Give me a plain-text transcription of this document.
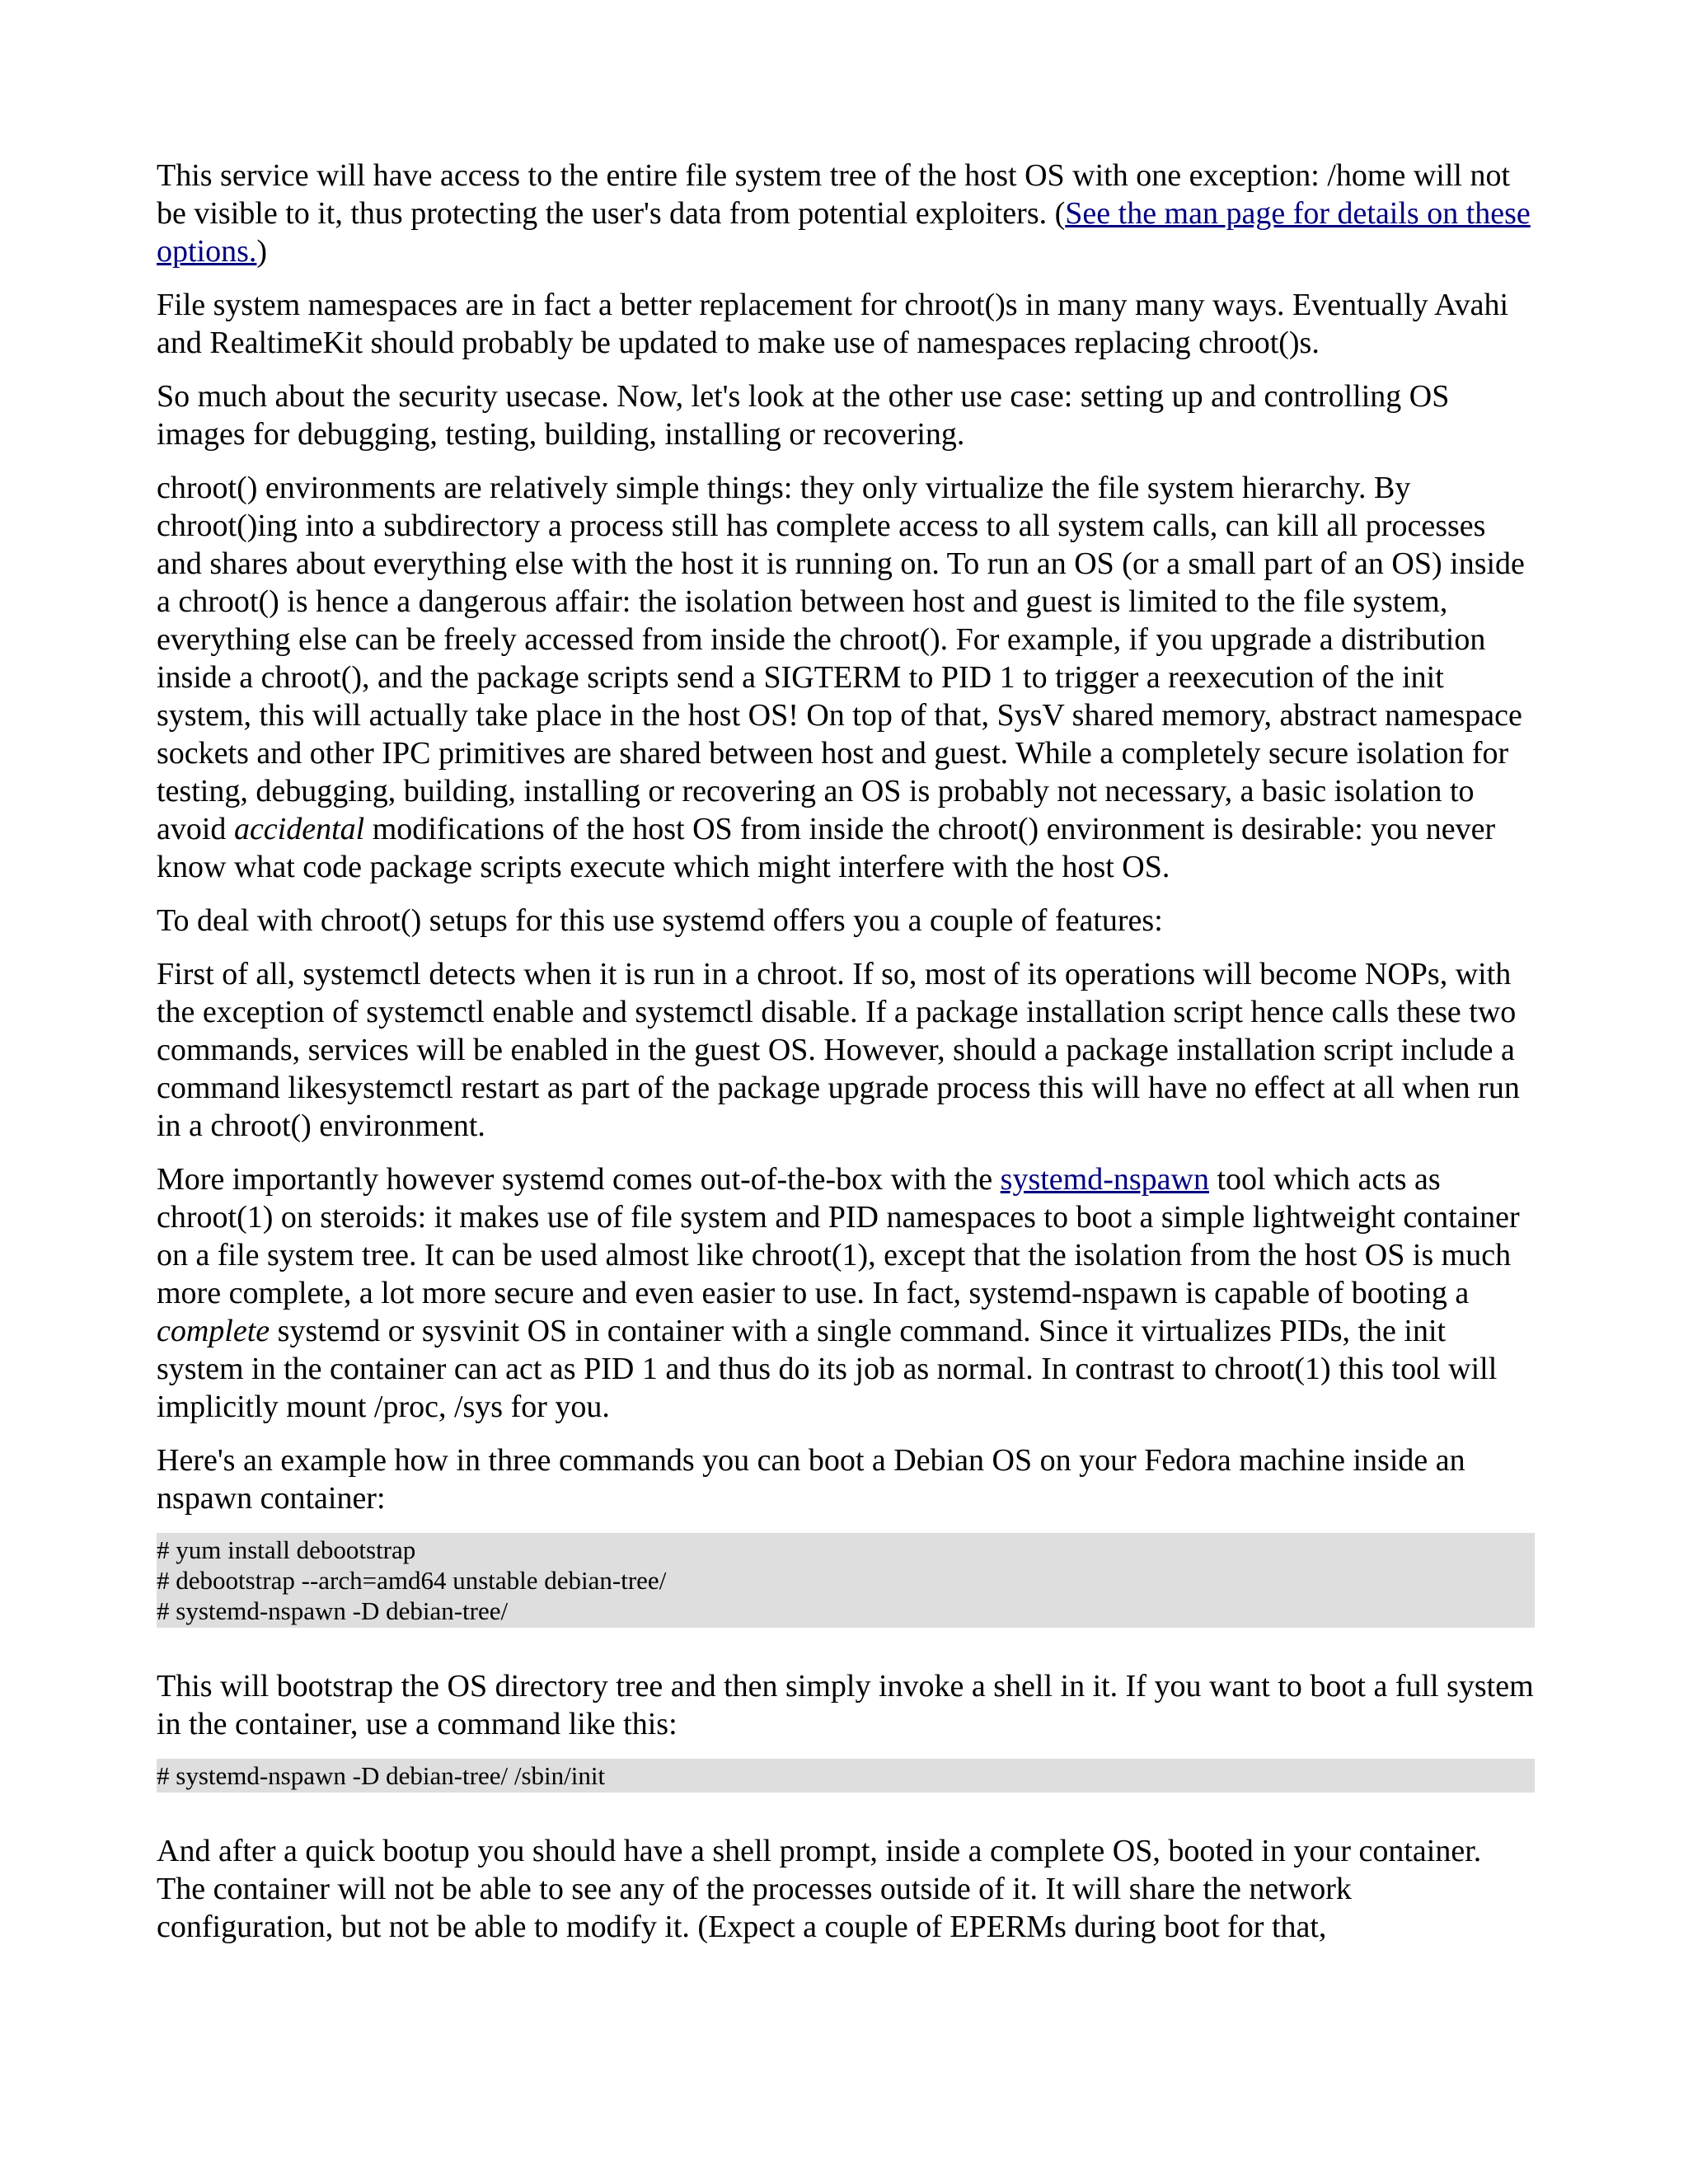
This service will have access to the entire file system tree of the host OS with one exception: /home will not be visible to it, thus protecting the user's data from potential exploiters. (See the man page for details on these options.)

File system namespaces are in fact a better replacement for chroot()s in many many ways. Eventually Avahi and RealtimeKit should probably be updated to make use of namespaces replacing chroot()s.

So much about the security usecase. Now, let's look at the other use case: setting up and controlling OS images for debugging, testing, building, installing or recovering.

chroot() environments are relatively simple things: they only virtualize the file system hierarchy. By chroot()ing into a subdirectory a process still has complete access to all system calls, can kill all processes and shares about everything else with the host it is running on. To run an OS (or a small part of an OS) inside a chroot() is hence a dangerous affair: the isolation between host and guest is limited to the file system, everything else can be freely accessed from inside the chroot(). For example, if you upgrade a distribution inside a chroot(), and the package scripts send a SIGTERM to PID 1 to trigger a reexecution of the init system, this will actually take place in the host OS! On top of that, SysV shared memory, abstract namespace sockets and other IPC primitives are shared between host and guest. While a completely secure isolation for testing, debugging, building, installing or recovering an OS is probably not necessary, a basic isolation to avoid accidental modifications of the host OS from inside the chroot() environment is desirable: you never know what code package scripts execute which might interfere with the host OS.

To deal with chroot() setups for this use systemd offers you a couple of features:

First of all, systemctl detects when it is run in a chroot. If so, most of its operations will become NOPs, with the exception of systemctl enable and systemctl disable. If a package installation script hence calls these two commands, services will be enabled in the guest OS. However, should a package installation script include a command likesystemctl restart as part of the package upgrade process this will have no effect at all when run in a chroot() environment.

More importantly however systemd comes out-of-the-box with the systemd-nspawn tool which acts as chroot(1) on steroids: it makes use of file system and PID namespaces to boot a simple lightweight container on a file system tree. It can be used almost like chroot(1), except that the isolation from the host OS is much more complete, a lot more secure and even easier to use. In fact, systemd-nspawn is capable of booting a complete systemd or sysvinit OS in container with a single command. Since it virtualizes PIDs, the init system in the container can act as PID 1 and thus do its job as normal. In contrast to chroot(1) this tool will implicitly mount /proc, /sys for you.

Here's an example how in three commands you can boot a Debian OS on your Fedora machine inside an nspawn container:

# yum install debootstrap
# debootstrap --arch=amd64 unstable debian-tree/
# systemd-nspawn -D debian-tree/

This will bootstrap the OS directory tree and then simply invoke a shell in it. If you want to boot a full system in the container, use a command like this:

# systemd-nspawn -D debian-tree/ /sbin/init

And after a quick bootup you should have a shell prompt, inside a complete OS, booted in your container. The container will not be able to see any of the processes outside of it. It will share the network configuration, but not be able to modify it. (Expect a couple of EPERMs during boot for that,
